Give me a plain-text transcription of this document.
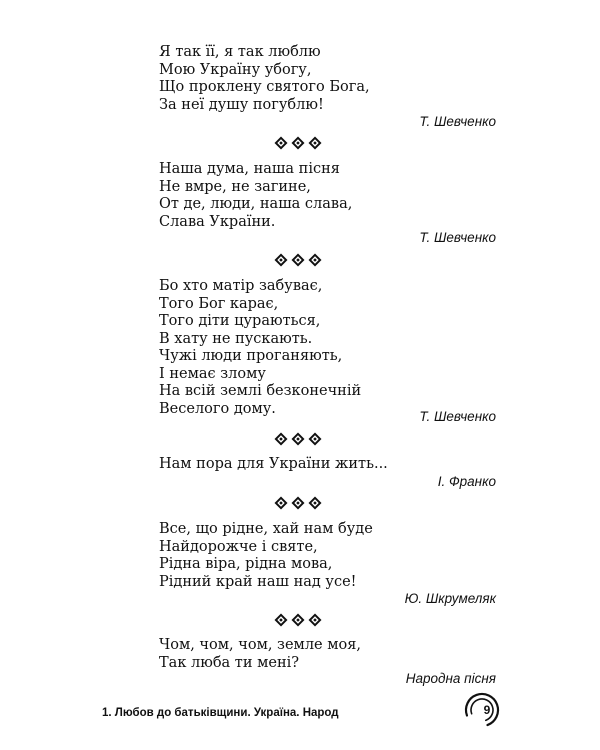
Я так її, я так люблю
Мою Україну убогу,
Що проклену святого Бога,
За неї душу погублю!
Т. Шевченко
Наша дума, наша пісня
Не вмре, не загине,
От де, люди, наша слава,
Слава України.
Т. Шевченко
Бо хто матір забуває,
Того Бог карає,
Того діти цураються,
В хату не пускають.
Чужі люди проганяють,
І немає злому
На всій землі безконечній
Веселого дому.	Т. Шевченко
Нам пора для України жить...
І. Франко
Все, що рідне, хай нам буде
Найдорожче і святе,
Рідна віра, рідна мова,
Рідний край наш над усе!
Ю. Шкрумеляк
Чом, чом, чом, земле моя,
Так люба ти мені?
Народна пісня
1. Любов до батьківщини. Україна. Народ	9
